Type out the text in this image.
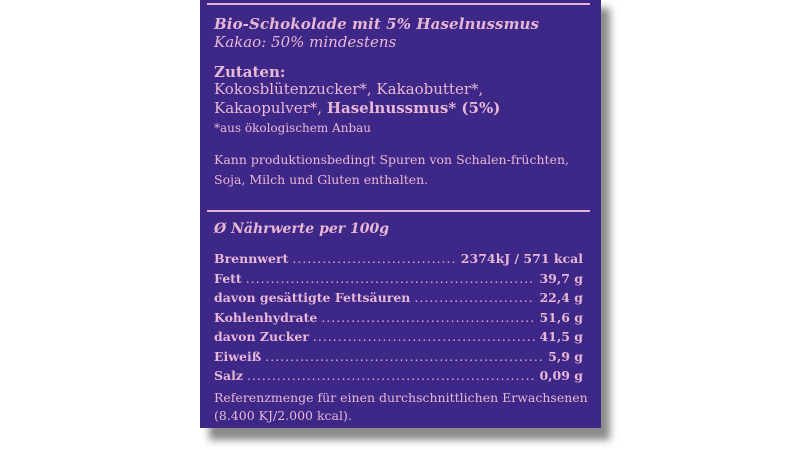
Bio-Schokolade mit 5% Haselnussmus
Kakao: 50% mindestens
Zutaten:
Kokosblütenzucker*, Kakaobutter*, Kakaopulver*, Haselnussmus* (5%)
*aus ökologischem Anbau
Kann produktionsbedingt Spuren von Schalen-früchten, Soja, Milch und Gluten enthalten.
Ø Nährwerte per 100g
Brennwert .....	2374kJ / 571 kcal
Fett .....	39,7 g
davon gesättigte Fettsäuren .....	22,4 g
Kohlenhydrate .....	51,6 g
davon Zucker .....	41,5 g
Eiweiß .....	5,9 g
Salz .....	0,09 g
Referenzmenge für einen durchschnittlichen Erwachsenen (8.400 KJ/2.000 kcal).
